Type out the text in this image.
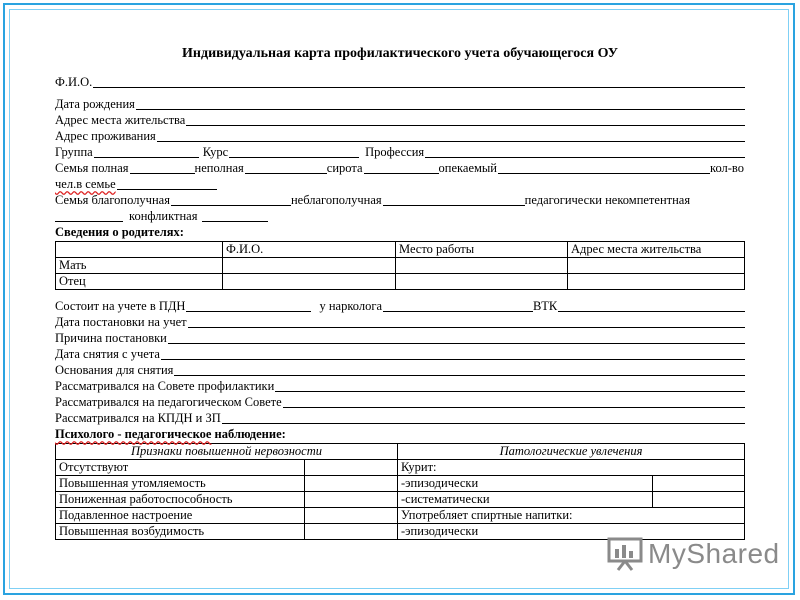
Индивидуальная карта профилактического учета обучающегося ОУ
Ф.И.О.
Дата рождения
Адрес места жительства
Адрес проживания
Группа	Курс	Профессия
Семья полная	неполная	сирота	опекаемый	кол-во
чел.в семье
Семья благополучная	неблагополучная	педагогически некомпетентная
конфликтная
Сведения о родителях:
	Ф.И.О.	Место работы	Адрес места жительства
Мать			
Отец			
Состоит на учете в ПДН	у нарколога	ВТК
Дата постановки на учет
Причина постановки
Дата снятия с учета
Основания для снятия
Рассматривался на Совете профилактики
Рассматривался на педагогическом Совете
Рассматривался на КПДН и ЗП
Психолого - педагогическое наблюдение:
Признаки повышенной нервозности		Патологические увлечения	
Отсутствуют		Курит:	
Повышенная утомляемость		-эпизодически	
Пониженная работоспособность		-систематически	
Подавленное настроение		Употребляет спиртные напитки:	
Повышенная возбудимость		-эпизодически	
MyShared
